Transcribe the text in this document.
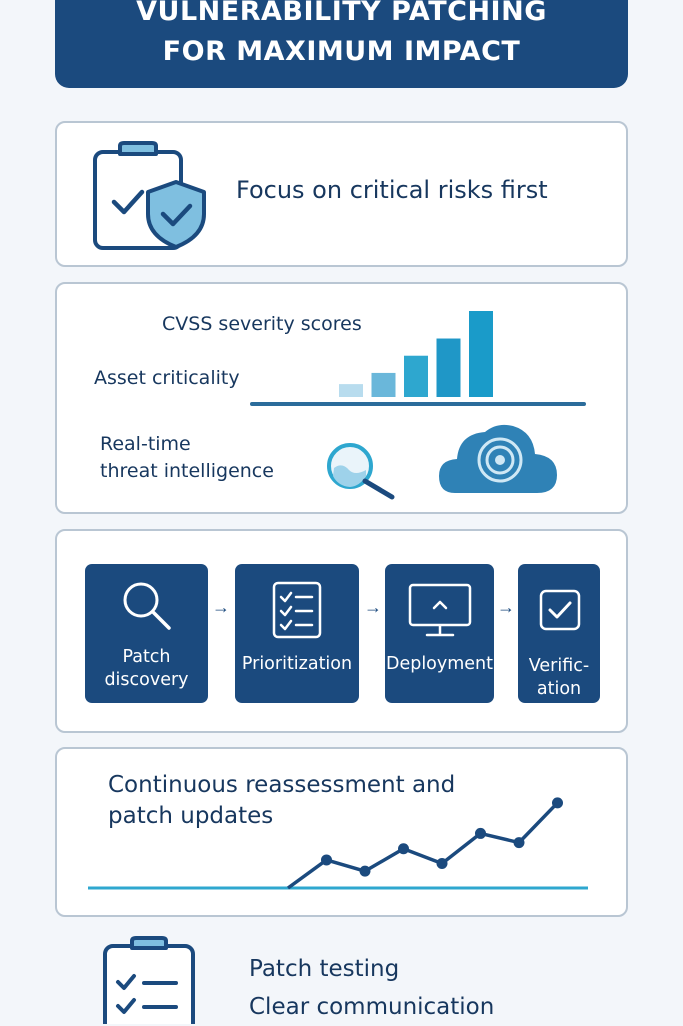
VULNERABILITY PATCHING
FOR MAXIMUM IMPACT
Focus on critical risks first
CVSS severity scores
Asset criticality
Real-time
threat intelligence
Patch
discovery
→
Prioritization
→
Deployment
→
Verific-
ation
Continuous reassessment and
patch updates
Patch testing
Clear communication
